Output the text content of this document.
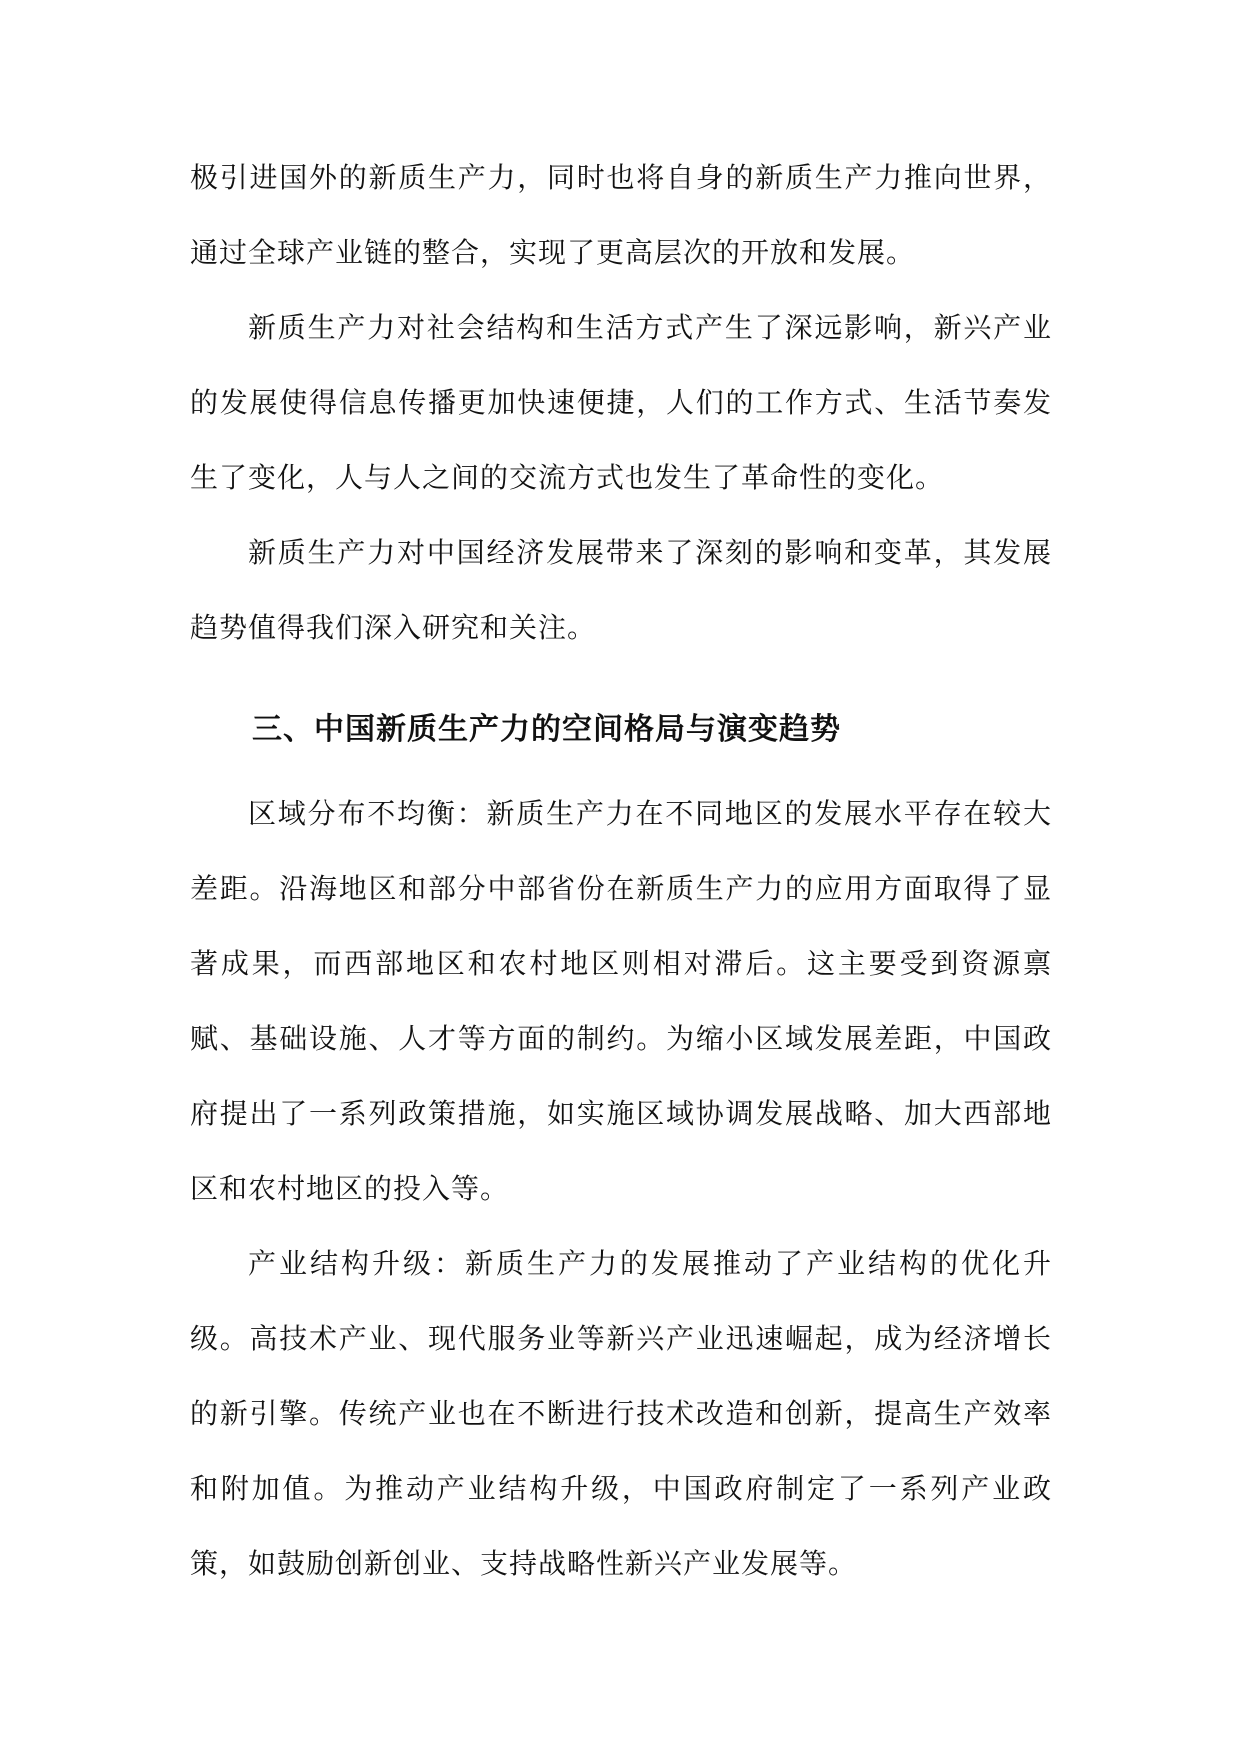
极引进国外的新质生产力，同时也将自身的新质生产力推向世界，通过全球产业链的整合，实现了更高层次的开放和发展。

新质生产力对社会结构和生活方式产生了深远影响，新兴产业的发展使得信息传播更加快速便捷，人们的工作方式、生活节奏发生了变化，人与人之间的交流方式也发生了革命性的变化。

新质生产力对中国经济发展带来了深刻的影响和变革，其发展趋势值得我们深入研究和关注。

三、中国新质生产力的空间格局与演变趋势

区域分布不均衡：新质生产力在不同地区的发展水平存在较大差距。沿海地区和部分中部省份在新质生产力的应用方面取得了显著成果，而西部地区和农村地区则相对滞后。这主要受到资源禀赋、基础设施、人才等方面的制约。为缩小区域发展差距，中国政府提出了一系列政策措施，如实施区域协调发展战略、加大西部地区和农村地区的投入等。

产业结构升级：新质生产力的发展推动了产业结构的优化升级。高技术产业、现代服务业等新兴产业迅速崛起，成为经济增长的新引擎。传统产业也在不断进行技术改造和创新，提高生产效率和附加值。为推动产业结构升级，中国政府制定了一系列产业政策，如鼓励创新创业、支持战略性新兴产业发展等。
